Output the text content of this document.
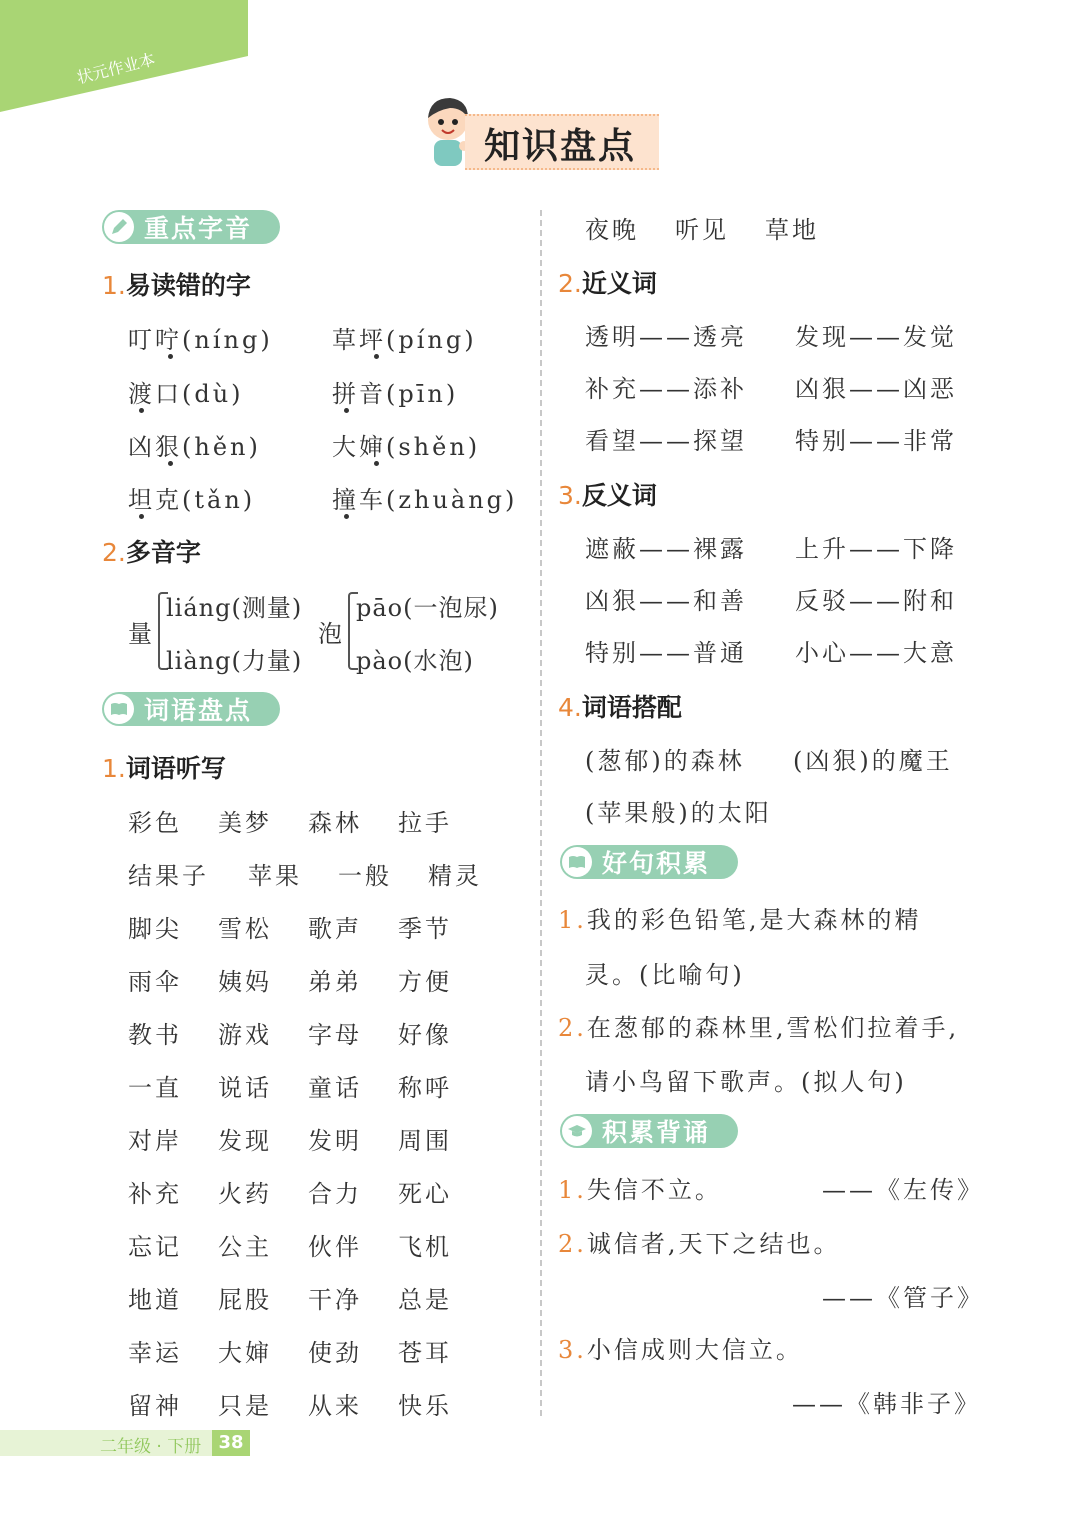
状元作业本
知识盘点
重点字音
1.易读错的字
叮咛(níng) 草坪(píng)
渡口(dù)	拼音(pīn)
凶狠(hěn)	大婶(shěn)
坦克(tǎn)	撞车(zhuàng)
2.多音字
量
liáng(测量)
liàng(力量)
泡
pāo(一泡尿)
pào(水泡)
词语盘点
1.词语听写
彩色 美梦 森林 拉手
结果子 苹果 一般 精灵
脚尖 雪松 歌声 季节
雨伞 姨妈 弟弟 方便
教书 游戏 字母 好像
一直 说话 童话 称呼
对岸 发现 发明 周围
补充 火药 合力 死心
忘记 公主 伙伴 飞机
地道 屁股 干净 总是
幸运 大婶 使劲 苍耳
留神 只是 从来 快乐
夜晚 听见 草地
2.近义词
透明——透亮 发现——发觉
补充——添补 凶狠——凶恶
看望——探望 特别——非常
3.反义词
遮蔽——裸露 上升——下降
凶狠——和善 反驳——附和
特别——普通 小心——大意
4.词语搭配
(葱郁)的森林 (凶狠)的魔王
(苹果般)的太阳
好句积累
1.我的彩色铅笔,是大森林的精
灵。(比喻句)
2.在葱郁的森林里,雪松们拉着手,
请小鸟留下歌声。(拟人句)
积累背诵
1.失信不立。	——《左传》
2.诚信者,天下之结也。
——《管子》
3.小信成则大信立。
——《韩非子》
二年级 · 下册 38
